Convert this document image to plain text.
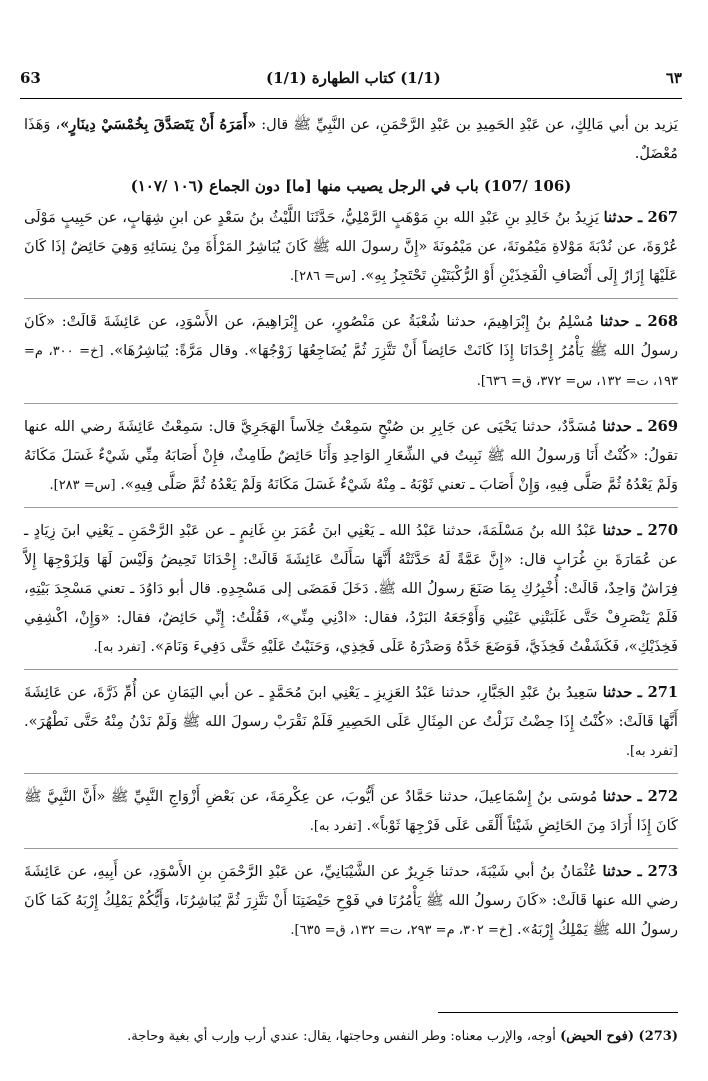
63	(1/1) كتاب الطهارة (1/1)	٦٣

يَزيد بن أبي مَالِكٍ، عن عَبْدِ الحَمِيدِ بن عَبْدِ الرَّحْمَنِ، عن النَّبِيِّ ﷺ قال: «أَمَرَهُ أَنْ يَتَصَدَّقَ بِخُمْسَيْ دِينَارٍ»، وَهَذَا مُعْضَلٌ.

(106 /107) باب في الرجل يصيب منها [ما] دون الجماع (١٠٦ /١٠٧)

267 ـ حدثنا يَزِيدُ بنُ خَالِدِ بنِ عَبْدِ الله بنِ مَوْهَبٍ الرَّمْلِيُّ، حَدَّثَنَا اللَّيْثُ بنُ سَعْدٍ عن ابنِ شِهَابٍ، عن حَبِيبٍ مَوْلَى عُرْوَةَ، عن نُدْبَةَ مَوْلاةِ مَيْمُونَةَ، عن مَيْمُونَةَ «إِنَّ رسولَ الله ﷺ كَانَ يُبَاشِرُ المَرْأَةَ مِنْ نِسَائِهِ وَهِيَ حَائِضٌ إذَا كَانَ عَلَيْهَا إِزَارٌ إِلَى أَنْصَافِ الْفَخِذَيْنِ أَوْ الرُّكْبَتَيْنِ تَحْتَجِزُ بِهِ». [س= ٢٨٦].

268 ـ حدثنا مُسْلِمُ بنُ إِبْرَاهِيمَ، حدثنا شُعْبَةُ عن مَنْصُورٍ، عن إِبْرَاهِيمَ، عن الأَسْوَدِ، عن عَائِشَةَ قَالَتْ: «كَانَ رسولُ الله ﷺ يَأْمُرُ إِحْدَانَا إِذَا كَانَتْ حَائِضاً أَنْ تَتَّزِرَ ثُمَّ يُضَاجِعُهَا زَوْجُهَا». وقال مَرَّةً: يُبَاشِرُهَا». [خ= ٣٠٠، م= ١٩٣، ت= ١٣٢، س= ٣٧٢، ق= ٦٣٦].

269 ـ حدثنا مُسَدَّدٌ، حدثنا يَحْيَى عن جَابِرِ بن صُبْحٍ سَمِعْتُ خِلاَساً الهَجَرِيَّ قال: سَمِعْتُ عَائِشَةَ رضي الله عنها تقولُ: «كُنْتُ أَنَا وَرسولُ الله ﷺ نَبِيتُ في الشِّعَارِ الوَاحِدِ وَأَنَا حَائِضٌ طَامِثٌ، فإِنْ أَصَابَهُ مِنِّي شَيْءٌ غَسَلَ مَكَانَهُ وَلَمْ يَعْدُهُ ثُمَّ صَلَّى فِيهِ، وَإِنْ أَصَابَ ـ تعني ثَوْبَهُ ـ مِنْهُ شَيْءٌ غَسَلَ مَكَانَهُ وَلَمْ يَعْدُهُ ثُمَّ صَلَّى فِيهِ». [س= ٢٨٣].

270 ـ حدثنا عَبْدُ الله بنُ مَسْلَمَةَ، حدثنا عَبْدُ الله ـ يَعْنِي ابنَ عُمَرَ بنِ غَانِمٍ ـ عن عَبْدِ الرَّحْمَنِ ـ يَعْنِي ابنَ زِيَادٍ ـ عن عُمَارَةَ بنِ غُرَابٍ قال: «إِنَّ عَمَّةً لَهُ حَدَّثَتْهُ أَنَّهَا سَأَلَتْ عَائِشَةَ قَالَتْ: إِحْدَانَا تَحِيضُ وَلَيْسَ لَهَا وَلِزَوْجِهَا إِلاَّ فِرَاشٌ وَاحِدٌ، قَالَتْ: أُخْبِرُكِ بِمَا صَنَعَ رسولُ الله ﷺ. دَخَلَ فَمَضَى إلى مَسْجِدِهِ. قال أبو دَاوُدَ ـ تعني مَسْجِدَ بَيْتِهِ، فَلَمْ يَنْصَرِفْ حَتَّى غَلَبَتْنِي عَيْنِي وَأَوْجَعَهُ البَرْدُ، فقال: «ادْنِي مِنِّي»، فَقُلْتُ: إِنِّي حَائِضٌ، فقال: «وَإِنْ، اكْشِفِي فَخِذَيْكِ»، فَكَشَفْتُ فَخِذَيَّ، فَوَضَعَ خَدَّهُ وَصَدْرَهُ عَلَى فَخِذِي، وَحَنَيْتُ عَلَيْهِ حَتَّى دَفِيءَ وَنَامَ». [تفرد به].

271 ـ حدثنا سَعِيدُ بنُ عَبْدِ الجَبَّارِ، حدثنا عَبْدُ العَزِيزِ ـ يَعْنِي ابنَ مُحَمَّدٍ ـ عن أبي اليَمَانِ عن أُمِّ ذَرَّةَ، عن عَائِشَةَ أَنَّهَا قَالَتْ: «كُنْتُ إِذَا حِضْتُ نَزَلْتُ عن المِثَالِ عَلَى الحَصِيرِ فَلَمْ نَقْرَبْ رسولَ الله ﷺ وَلَمْ نَدْنُ مِنْهُ حَتَّى نَطْهُرَ». [تفرد به].

272 ـ حدثنا مُوسَى بنُ إِسْمَاعِيلَ، حدثنا حَمَّادٌ عن أَيُّوبَ، عن عِكْرِمَةَ، عن بَعْضِ أَزْوَاجِ النَّبِيِّ ﷺ «أَنَّ النَّبِيَّ ﷺ كَانَ إِذَا أَرَادَ مِنَ الحَائِضِ شَيْئاً أَلْقَى عَلَى فَرْجِهَا ثَوْباً». [تفرد به].

273 ـ حدثنا عُثْمَانُ بنُ أبي شَيْبَةَ، حدثنا جَرِيرٌ عن الشَّيْبَانِيِّ، عن عَبْدِ الرَّحْمَنِ بنِ الأَسْوَدِ، عن أَبِيهِ، عن عَائِشَةَ رضي الله عنها قَالَتْ: «كَانَ رسولُ الله ﷺ يَأْمُرُنَا في فَوْحِ حَيْضَتِنَا أَنْ نَتَّزِرَ ثُمَّ يُبَاشِرُنَا، وَأَيُّكُمْ يَمْلِكُ إِرْبَهُ كَمَا كَانَ رسولُ الله ﷺ يَمْلِكُ إِرْبَهُ». [خ= ٣٠٢، م= ٢٩٣، ت= ١٣٢، ق= ٦٣٥].

(273) (فوح الحيض) أوجه، والإرب معناه: وطر النفس وحاجتها، يقال: عندي أرب وإرب أي بغية وحاجة.
